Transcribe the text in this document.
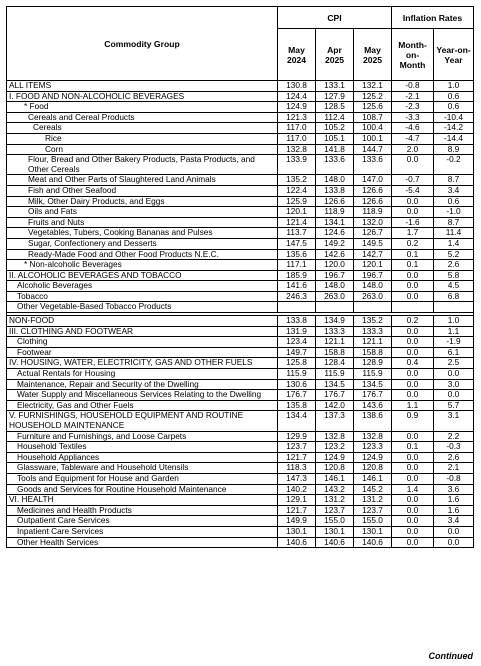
Commodity Group	CPI			Inflation Rates	
	May 2024	Apr 2025	May 2025	Month-on-Month	Year-on-Year
ALL ITEMS	130.8	133.1	132.1	-0.8	1.0
I. FOOD AND NON-ALCOHOLIC BEVERAGES	124.4	127.9	125.2	-2.1	0.6
* Food	124.9	128.5	125.6	-2.3	0.6
Cereals and Cereal Products	121.3	112.4	108.7	-3.3	-10.4
Cereals	117.0	105.2	100.4	-4.6	-14.2
Rice	117.0	105.1	100.1	-4.7	-14.4
Corn	132.8	141.8	144.7	2.0	8.9
Flour, Bread and Other Bakery Products, Pasta Products, and Other Cereals	133.9	133.6	133.6	0.0	-0.2
Meat and Other Parts of Slaughtered Land Animals	135.2	148.0	147.0	-0.7	8.7
Fish and Other Seafood	122.4	133.8	126.6	-5.4	3.4
Milk, Other Dairy Products, and Eggs	125.9	126.6	126.6	0.0	0.6
Oils and Fats	120.1	118.9	118.9	0.0	-1.0
Fruits and Nuts	121.4	134.1	132.0	-1.6	8.7
Vegetables, Tubers, Cooking Bananas and Pulses	113.7	124.6	126.7	1.7	11.4
Sugar, Confectionery and Desserts	147.5	149.2	149.5	0.2	1.4
Ready-Made Food and Other Food Products N.E.C.	135.6	142.6	142.7	0.1	5.2
* Non-alcoholic Beverages	117.1	120.0	120.1	0.1	2.6
II. ALCOHOLIC BEVERAGES AND TOBACCO	185.9	196.7	196.7	0.0	5.8
Alcoholic Beverages	141.6	148.0	148.0	0.0	4.5
Tobacco	246.3	263.0	263.0	0.0	6.8
Other Vegetable-Based Tobacco Products					

NON-FOOD	133.8	134.9	135.2	0.2	1.0
III. CLOTHING AND FOOTWEAR	131.9	133.3	133.3	0.0	1.1
Clothing	123.4	121.1	121.1	0.0	-1.9
Footwear	149.7	158.8	158.8	0.0	6.1
IV. HOUSING, WATER, ELECTRICITY, GAS AND OTHER FUELS	125.8	128.4	128.9	0.4	2.5
Actual Rentals for Housing	115.9	115.9	115.9	0.0	0.0
Maintenance, Repair and Security of the Dwelling	130.6	134.5	134.5	0.0	3.0
Water Supply and Miscellaneous Services Relating to the Dwelling	176.7	176.7	176.7	0.0	0.0
Electricity, Gas and Other Fuels	135.8	142.0	143.6	1.1	5.7
V. FURNISHINGS, HOUSEHOLD EQUIPMENT AND ROUTINE HOUSEHOLD MAINTENANCE	134.4	137.3	138.6	0.9	3.1
Furniture and Furnishings, and Loose Carpets	129.9	132.8	132.8	0.0	2.2
Household Textiles	123.7	123.2	123.3	0.1	-0.3
Household Appliances	121.7	124.9	124.9	0.0	2.6
Glassware, Tableware and Household Utensils	118.3	120.8	120.8	0.0	2.1
Tools and Equipment for House and Garden	147.3	146.1	146.1	0.0	-0.8
Goods and Services for Routine Household Maintenance	140.2	143.2	145.2	1.4	3.6
VI. HEALTH	129.1	131.2	131.2	0.0	1.6
Medicines and Health Products	121.7	123.7	123.7	0.0	1.6
Outpatient Care Services	149.9	155.0	155.0	0.0	3.4
Inpatient Care Services	130.1	130.1	130.1	0.0	0.0
Other Health Services	140.6	140.6	140.6	0.0	0.0
Continued
